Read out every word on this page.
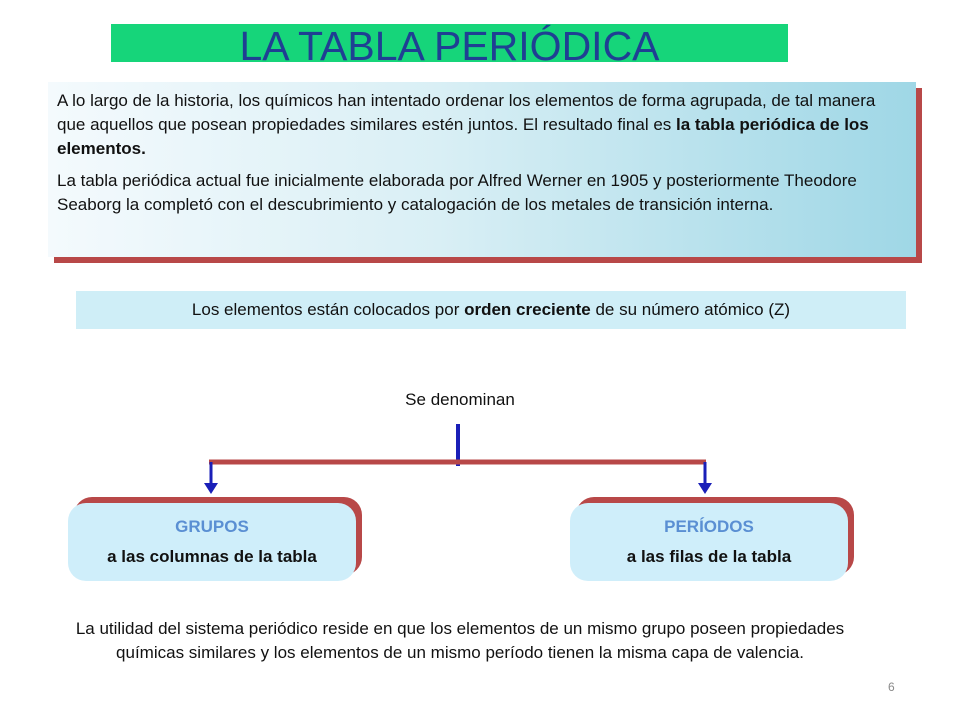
LA TABLA PERIÓDICA

A lo largo de la historia, los químicos han intentado ordenar los elementos de forma agrupada, de tal manera que aquellos que posean propiedades similares estén juntos. El resultado final es la tabla periódica de los elementos.

La tabla periódica actual fue inicialmente elaborada por Alfred Werner en 1905 y posteriormente Theodore Seaborg la completó con el descubrimiento y catalogación de los metales de transición interna.

Los elementos están colocados por orden creciente de su número atómico (Z)
Se denominan
GRUPOS
a las columnas de la tabla
PERÍODOS
a las filas de la tabla
La utilidad del sistema periódico reside en que los elementos de un mismo grupo poseen propiedades químicas similares y los elementos de un mismo período tienen la misma capa de valencia.
6
